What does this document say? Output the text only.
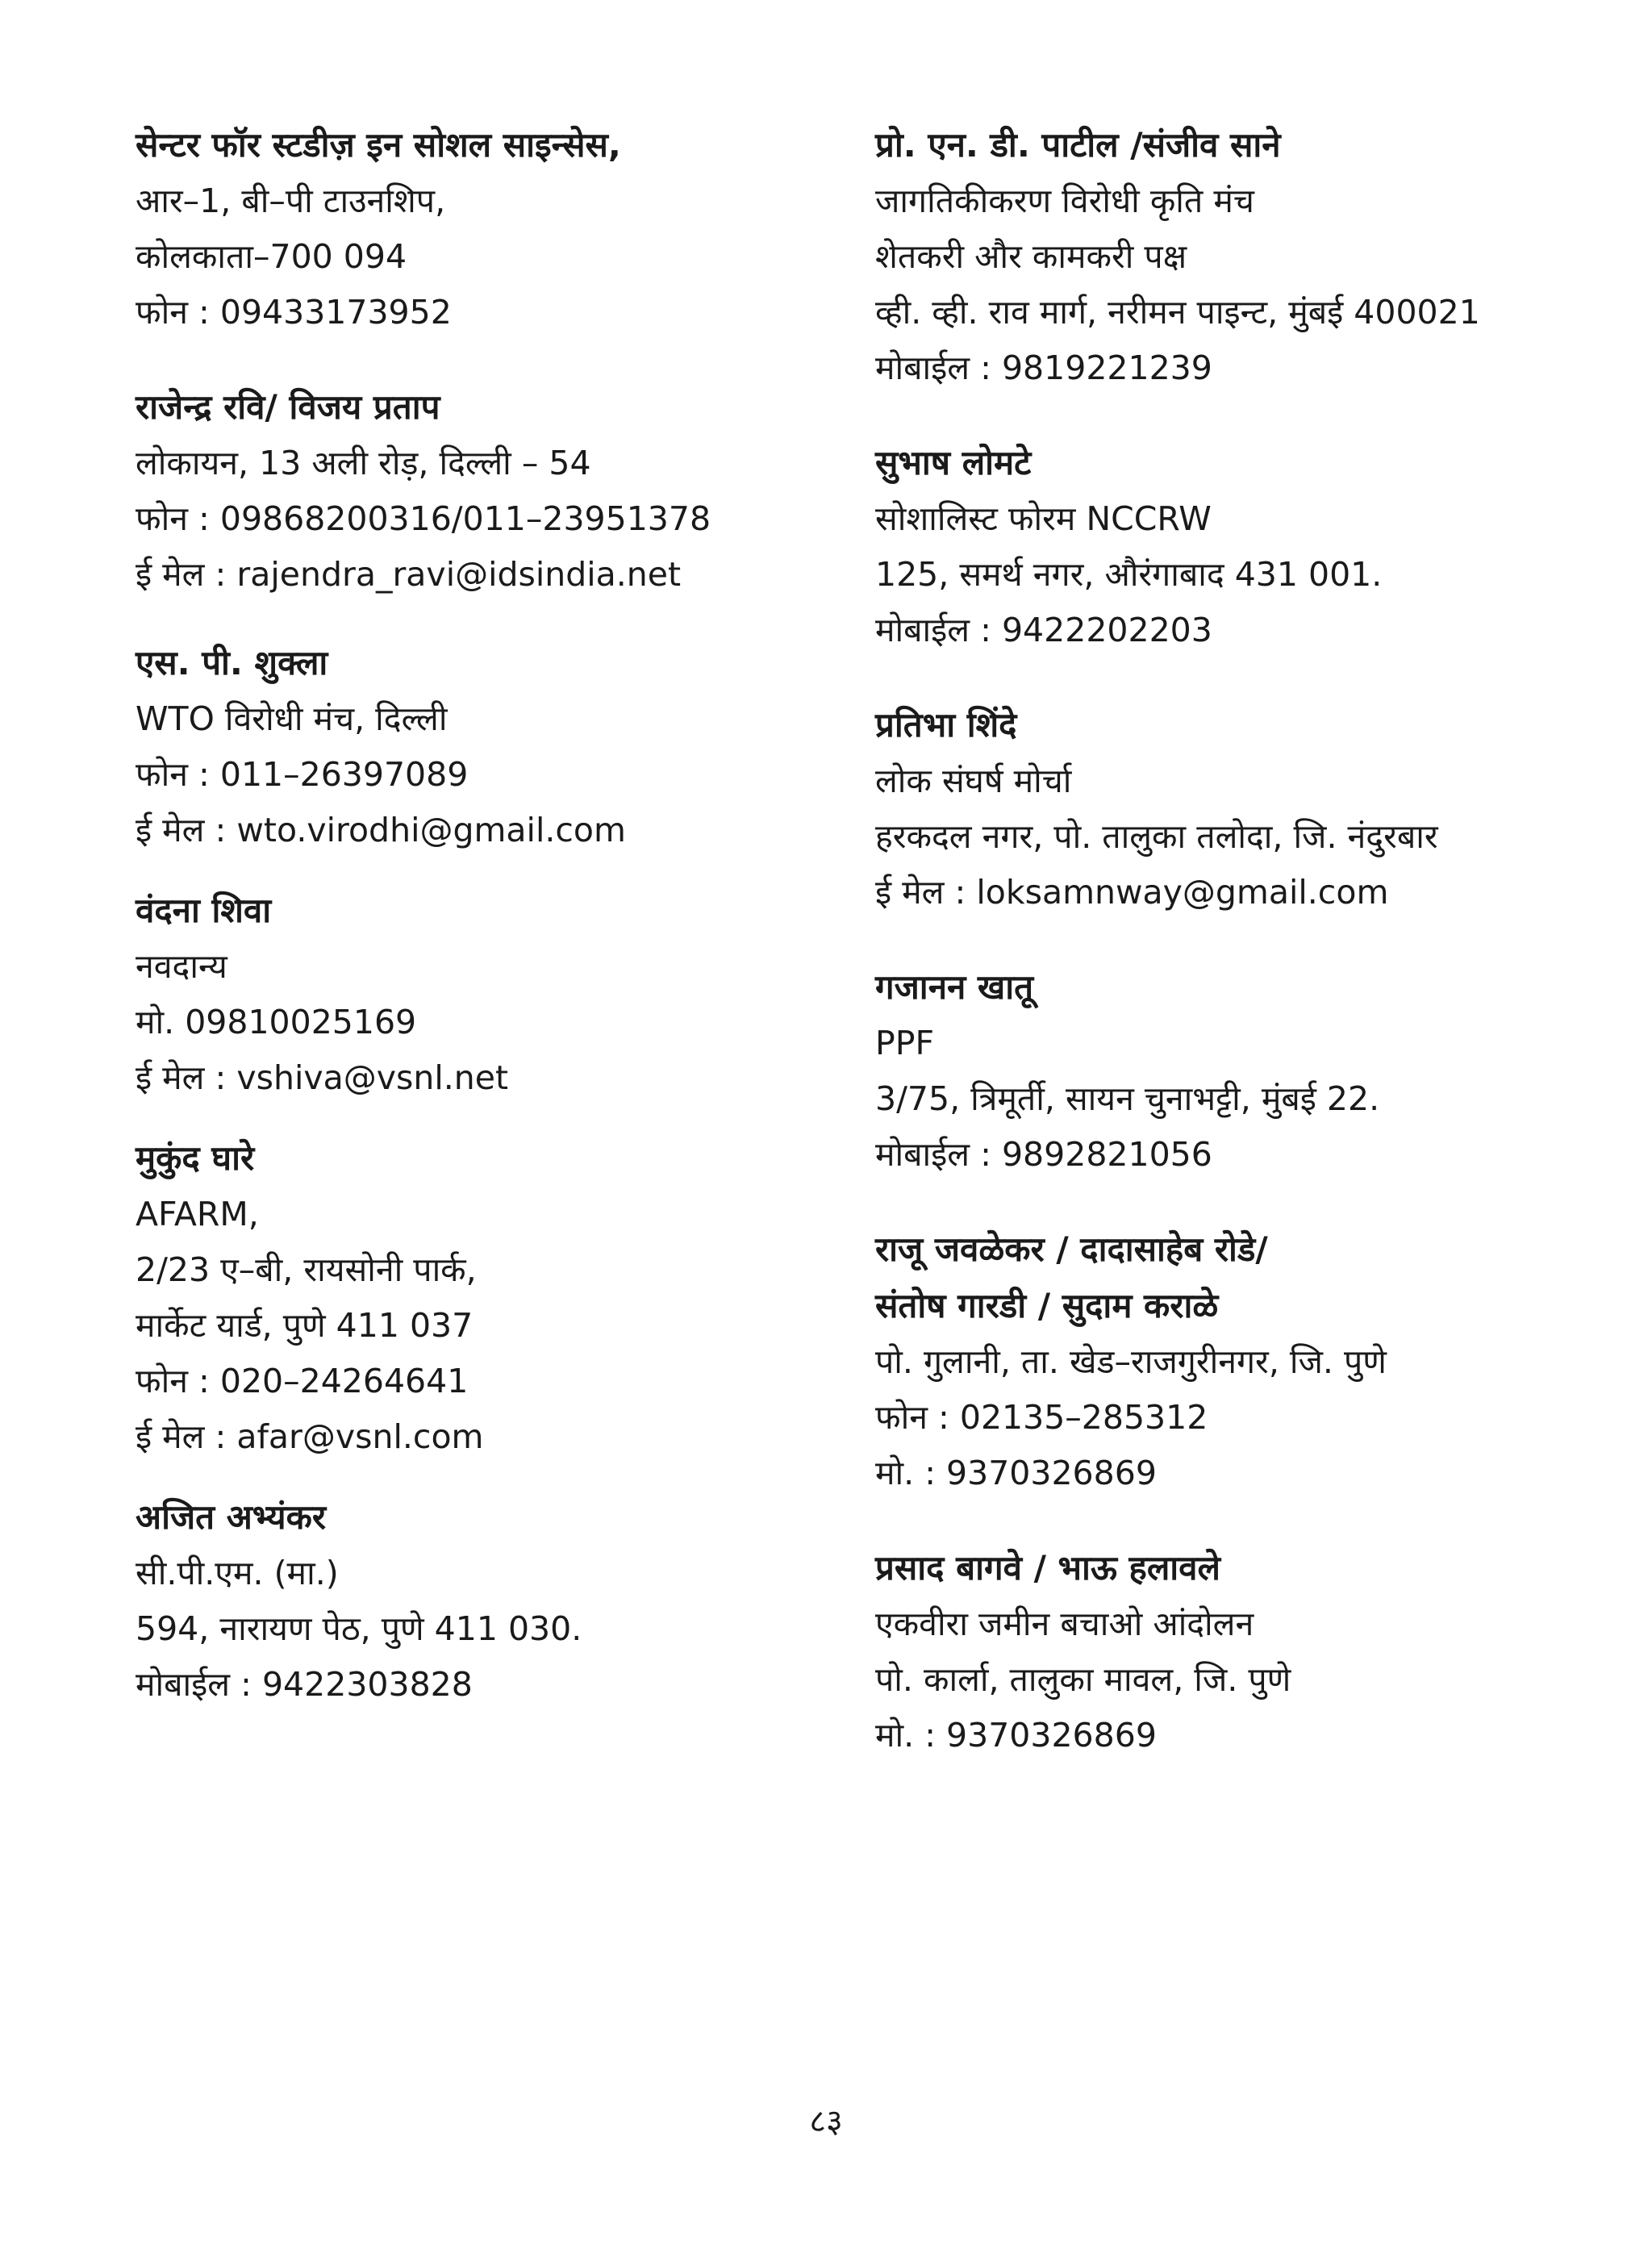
सेन्टर फॉर स्टडीज़ इन सोशल साइन्सेस,

आर–1, बी–पी टाउनशिप,

कोलकाता–700 094

फोन : 09433173952

राजेन्द्र रवि/ विजय प्रताप

लोकायन, 13 अली रोड़, दिल्ली – 54

फोन : 09868200316/011–23951378

ई मेल : rajendra_ravi@idsindia.net

एस. पी. शुक्ला

WTO विरोधी मंच, दिल्ली

फोन : 011–26397089

ई मेल : wto.virodhi@gmail.com

वंदना शिवा

नवदान्य

मो. 09810025169

ई मेल : vshiva@vsnl.net

मुकुंद घारे

AFARM,

2/23 ए–बी, रायसोनी पार्क,

मार्केट यार्ड, पुणे 411 037

फोन : 020–24264641

ई मेल : afar@vsnl.com

अजित अभ्यंकर

सी.पी.एम. (मा.)

594, नारायण पेठ, पुणे 411 030.

मोबाईल : 9422303828

प्रो. एन. डी. पाटील /संजीव साने

जागतिकीकरण विरोधी कृति मंच

शेतकरी और कामकरी पक्ष

व्ही. व्ही. राव मार्ग, नरीमन पाइन्ट, मुंबई 400021

मोबाईल : 9819221239

सुभाष लोमटे

सोशालिस्ट फोरम NCCRW

125, समर्थ नगर, औरंगाबाद 431 001.

मोबाईल : 9422202203

प्रतिभा शिंदे

लोक संघर्ष मोर्चा

हरकदल नगर, पो. तालुका तलोदा, जि. नंदुरबार

ई मेल : loksamnway@gmail.com

गजानन खातू

PPF

3/75, त्रिमूर्ती, सायन चुनाभट्टी, मुंबई 22.

मोबाईल : 9892821056

राजू जवळेकर / दादासाहेब रोडे/

संतोष गारडी / सुदाम कराळे

पो. गुलानी, ता. खेड–राजगुरीनगर, जि. पुणे

फोन : 02135–285312

मो. : 9370326869

प्रसाद बागवे / भाऊ हलावले

एकवीरा जमीन बचाओ आंदोलन

पो. कार्ला, तालुका मावल, जि. पुणे

मो. : 9370326869

८३
